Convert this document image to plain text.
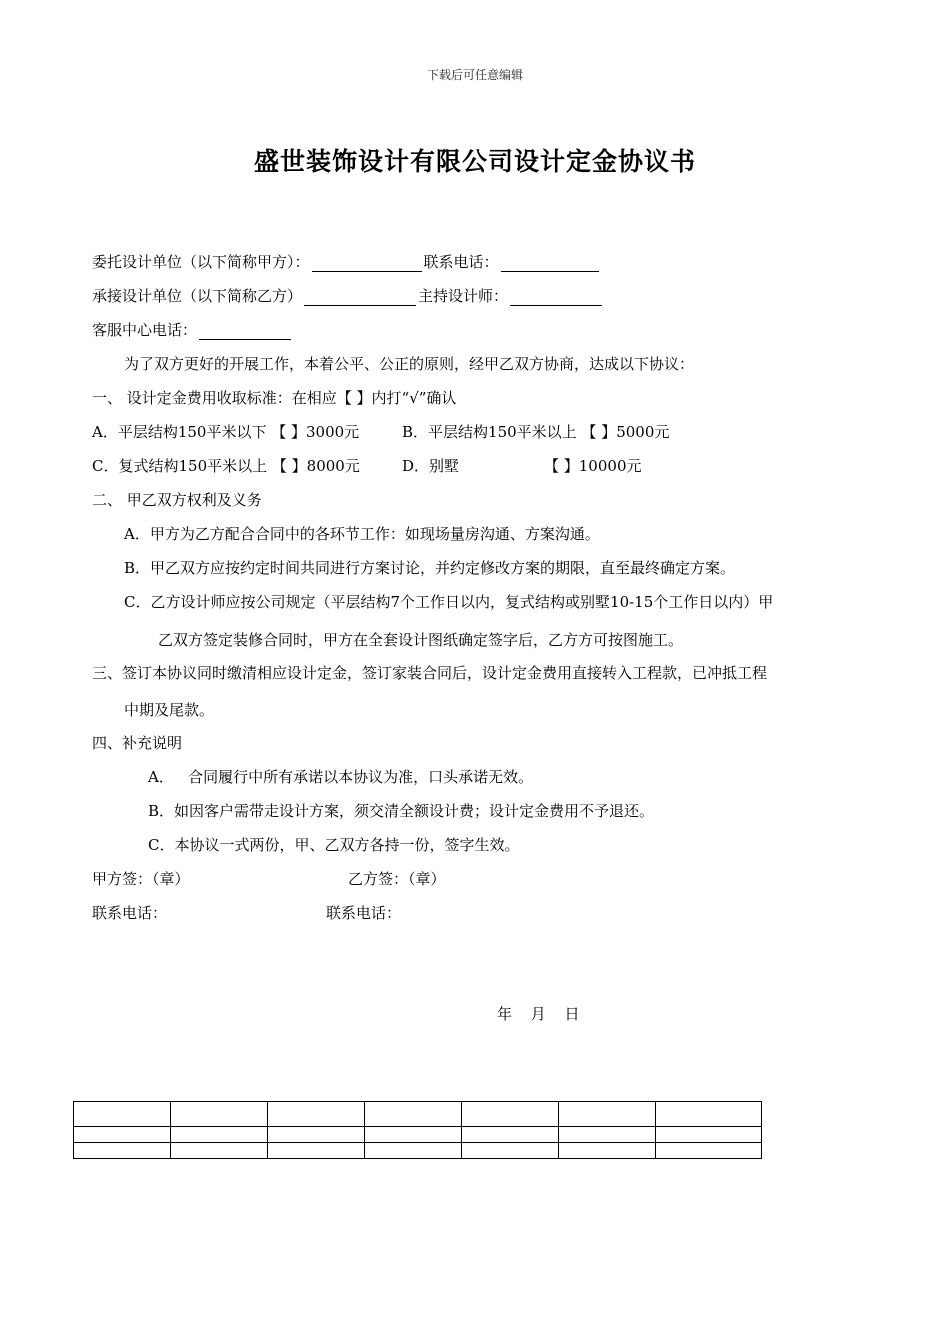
下载后可任意编辑
盛世装饰设计有限公司设计定金协议书
委托设计单位（以下简称甲方）：	联系电话：
承接设计单位（以下简称乙方）	主持设计师：
客服中心电话：
为了双方更好的开展工作，本着公平、公正的原则，经甲乙双方协商，达成以下协议：
一、 设计定金费用收取标准：在相应【 】内打“√”确认
A．平层结构150平米以下 【 】3000元	B．平层结构150平米以上 【 】5000元
C．复式结构150平米以上 【 】8000元	D．别墅	【 】10000元
二、 甲乙双方权利及义务
A．甲方为乙方配合合同中的各环节工作：如现场量房沟通、方案沟通。
B．甲乙双方应按约定时间共同进行方案讨论，并约定修改方案的期限，直至最终确定方案。
C．乙方设计师应按公司规定（平层结构7个工作日以内，复式结构或别墅10-15个工作日以内）甲
乙双方签定装修合同时，甲方在全套设计图纸确定签字后，乙方方可按图施工。
三、签订本协议同时缴清相应设计定金，签订家装合同后，设计定金费用直接转入工程款，已冲抵工程
中期及尾款。
四、补充说明
A．   合同履行中所有承诺以本协议为准，口头承诺无效。
B．如因客户需带走设计方案，须交清全额设计费；设计定金费用不予退还。
C．本协议一式两份，甲、乙双方各持一份，签字生效。
甲方签：（章）	乙方签：（章）
联系电话：	联系电话：
年 月 日
